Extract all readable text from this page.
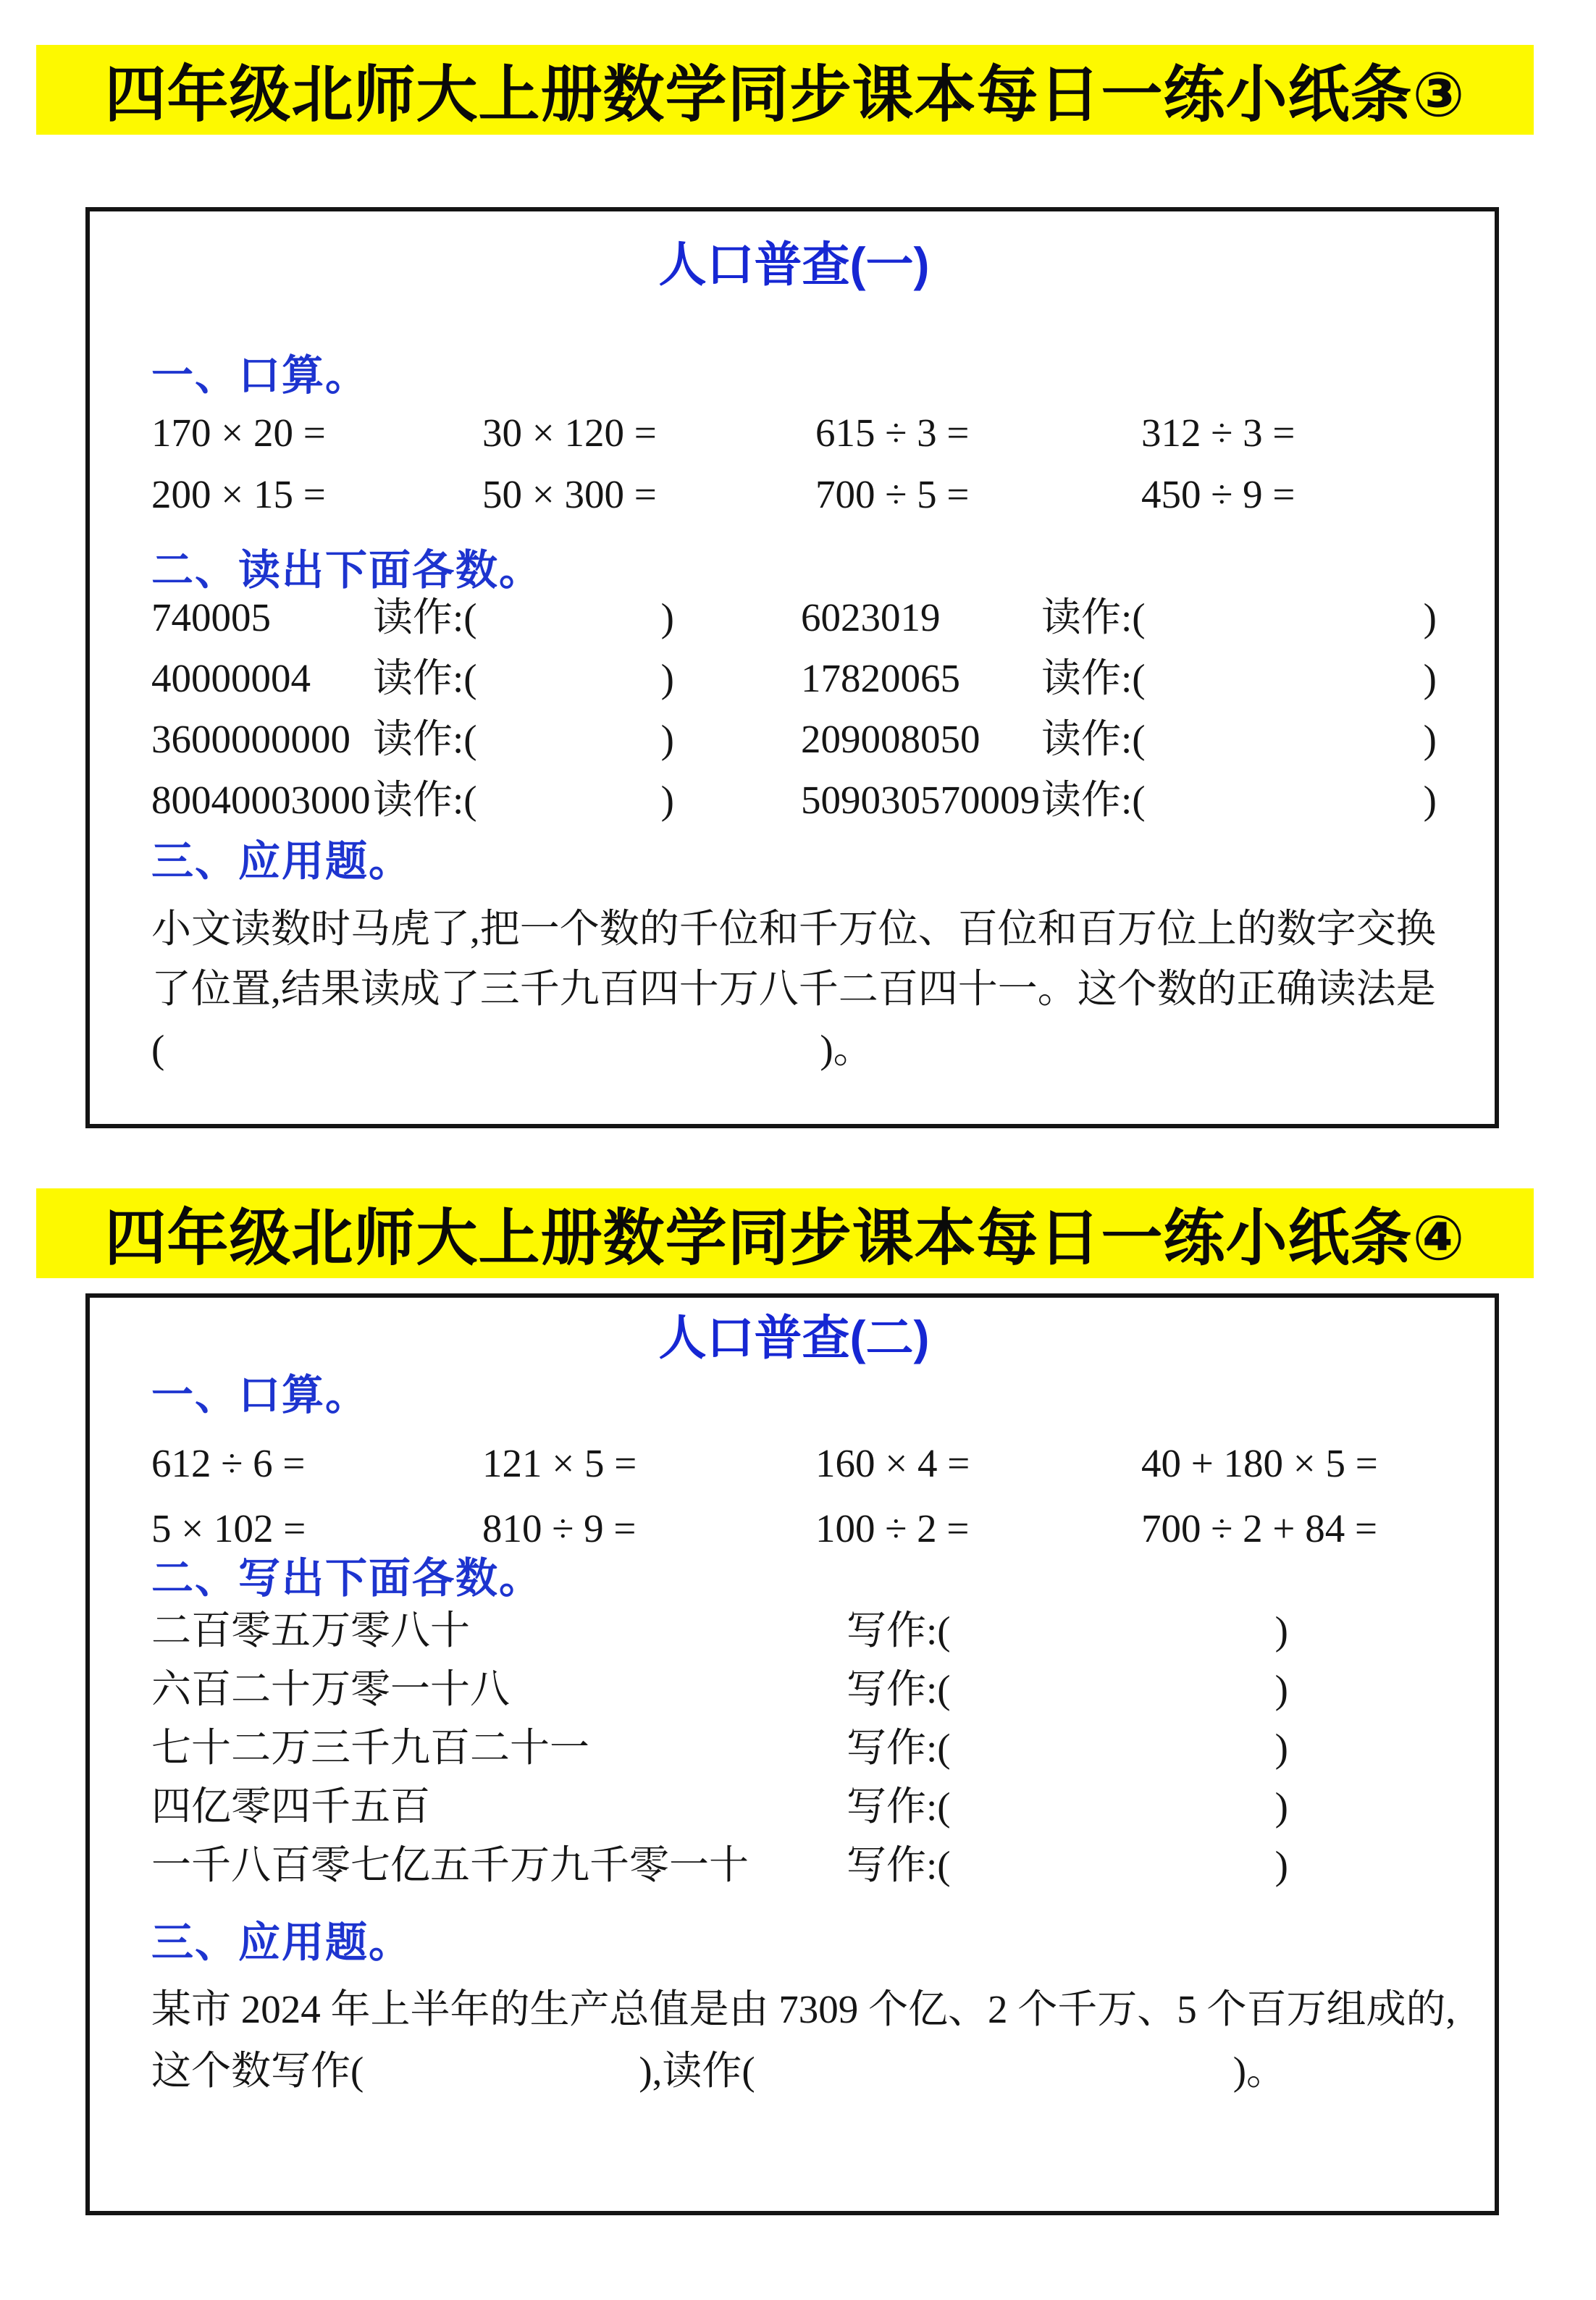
四年级北师大上册数学同步课本每日一练小纸条③
人口普查(一)
一、口算。
170 × 20 =	30 × 120 =	615 ÷ 3 =	312 ÷ 3 =
200 × 15 =	50 × 300 =	700 ÷ 5 =	450 ÷ 9 =
二、读出下面各数。
740005	读作:(	)	6023019	读作:(	)
40000004	读作:(	)	17820065	读作:(	)
3600000000 读作:(	)	209008050	读作:(	)
80040003000 读作:(	)	509030570009 读作:(	)
三、应用题。

小文读数时马虎了,把一个数的千位和千万位、百位和百万位上的数字交换

了位置,结果读成了三千九百四十万八千二百四十一。这个数的正确读法是

(	)。
四年级北师大上册数学同步课本每日一练小纸条④
人口普查(二)
一、口算。
612 ÷ 6 =	121 × 5 =	160 × 4 =	40 + 180 × 5 =
5 × 102 =	810 ÷ 9 =	100 ÷ 2 =	700 ÷ 2 + 84 =
二、写出下面各数。
二百零五万零八十	写作:(	)
六百二十万零一十八	写作:(	)
七十二万三千九百二十一	写作:(	)
四亿零四千五百	写作:(	)
一千八百零七亿五千万九千零一十	写作:(	)
三、应用题。

某市 2024 年上半年的生产总值是由 7309 个亿、2 个千万、5 个百万组成的,

这个数写作(	),读作(	)。
